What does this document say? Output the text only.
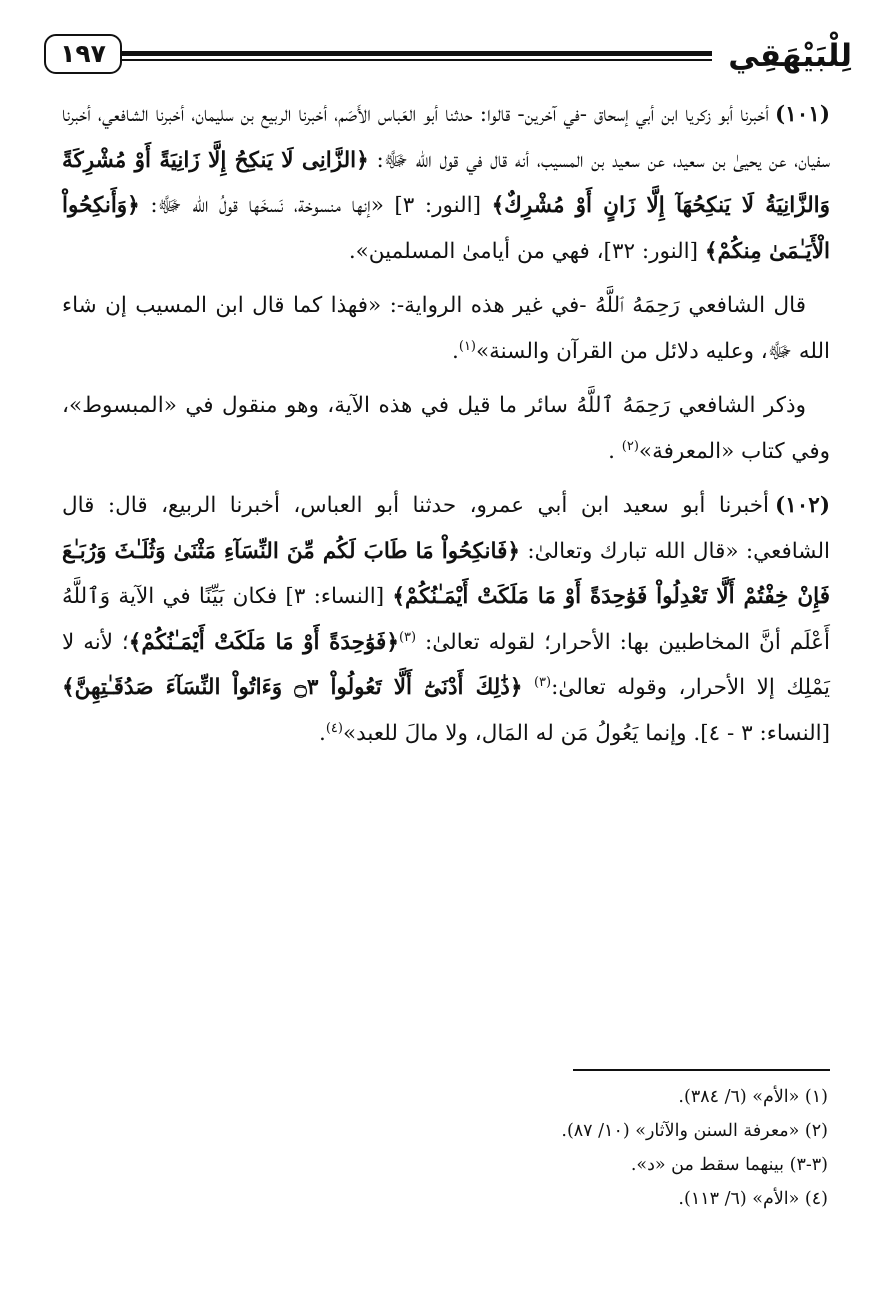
لِلْبَيْهَقِي
١٩٧

(١٠١)أخبرنا أبو زكريا ابن أبي إسحاق -في آخرين- قالوا: حدثنا أبو العَباس الأَصَم، أخبرنا الربيع بن سليمان، أخبرنا الشافعي، أخبرنا سفيان، عن يحيىٰ بن سعيد، عن سعيد بن المسيب، أنه قال في قول الله ﷻ: ﴿الزَّانِى لَا يَنكِحُ إِلَّا زَانِيَةً أَوْ مُشْرِكَةً وَالزَّانِيَةُ لَا يَنكِحُهَآ إِلَّا زَانٍ أَوْ مُشْرِكٌ﴾ [النور: ٣] «إنها منسوخة، نَسخَها قولُ الله ﷻ: ﴿وَأَنكِحُواْ الْأَيَـٰمَىٰ مِنكُمْ﴾ [النور: ٣٢]، فهي من أيامىٰ المسلمين».

قال الشافعي رَحِمَهُ ٱللَّهُ -في غير هذه الرواية-: «فهذا كما قال ابن المسيب إن شاء الله ﷻ، وعليه دلائل من القرآن والسنة»$^{(١)}$.

وذكر الشافعي رَحِمَهُ ٱللَّهُ سائر ما قيل في هذه الآية، وهو منقول في «المبسوط»، وفي كتاب «المعرفة»$^{(٢)}$ .

(١٠٢)أخبرنا أبو سعيد ابن أبي عمرو، حدثنا أبو العباس، أخبرنا الربيع، قال: قال الشافعي: «قال الله تبارك وتعالىٰ: ﴿فَانكِحُواْ مَا طَابَ لَكُم مِّنَ النِّسَآءِ مَثْنَىٰ وَثُلَـٰثَ وَرُبَـٰعَ فَإِنْ خِفْتُمْ أَلَّا تَعْدِلُواْ فَوَٰحِدَةً أَوْ مَا مَلَكَتْ أَيْمَـٰنُكُمْ﴾ [النساء: ٣] فكان بَيِّنًا في الآية وَٱللَّهُ أَعْلَم أنَّ المخاطبين بها: الأحرار؛ لقوله تعالىٰ: $^{(٣)}$﴿فَوَٰحِدَةً أَوْ مَا مَلَكَتْ أَيْمَـٰنُكُمْ﴾؛ لأنه لا يَمْلِك إلا الأحرار، وقوله تعالىٰ:$^{(٣)}$ ﴿ذَٰلِكَ أَدْنَىٰٓ أَلَّا تَعُولُواْ ۝٣ وَءَاتُواْ النِّسَآءَ صَدُقَـٰتِهِنَّ﴾ [النساء: ٣ - ٤]. وإنما يَعُولُ مَن له المَال، ولا مالَ للعبد»$^{(٤)}$.

(١) «الأم» (٦/ ٣٨٤).

(٢) «معرفة السنن والآثار» (١٠/ ٨٧).

(٣-٣) بينهما سقط من «د».

(٤) «الأم» (٦/ ١١٣).
